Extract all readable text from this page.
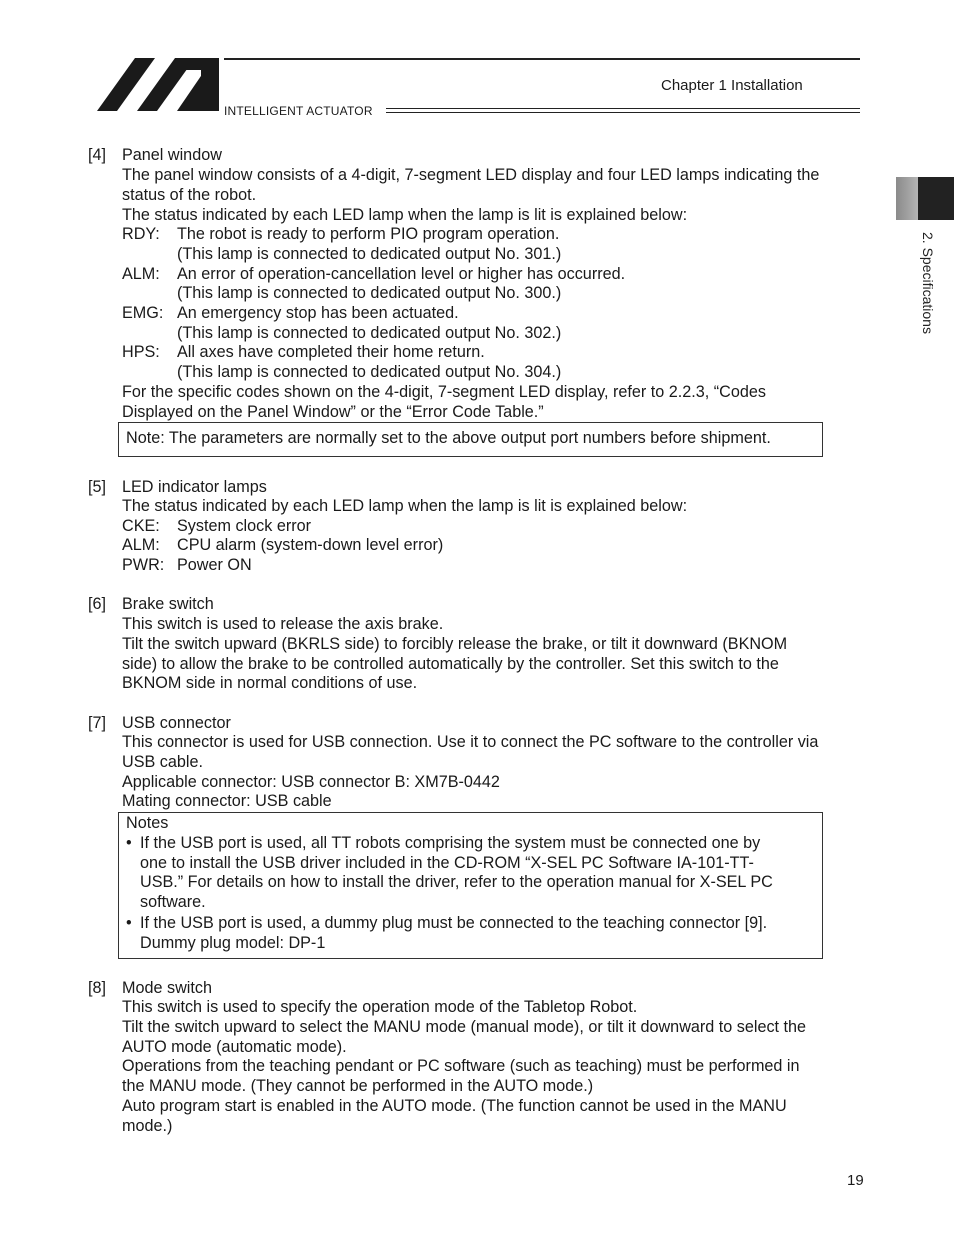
INTELLIGENT ACTUATOR
Chapter 1 Installation
2. Specifications
[4] Panel window
The panel window consists of a 4-digit, 7-segment LED display and four LED lamps indicating the
status of the robot.
The status indicated by each LED lamp when the lamp is lit is explained below:
RDY: The robot is ready to perform PIO program operation.
(This lamp is connected to dedicated output No. 301.)
ALM: An error of operation-cancellation level or higher has occurred.
(This lamp is connected to dedicated output No. 300.)
EMG: An emergency stop has been actuated.
(This lamp is connected to dedicated output No. 302.)
HPS: All axes have completed their home return.
(This lamp is connected to dedicated output No. 304.)
For the specific codes shown on the 4-digit, 7-segment LED display, refer to 2.2.3, “Codes
Displayed on the Panel Window” or the “Error Code Table.”
Note: The parameters are normally set to the above output port numbers before shipment.
[5] LED indicator lamps
The status indicated by each LED lamp when the lamp is lit is explained below:
CKE: System clock error
ALM: CPU alarm (system-down level error)
PWR: Power ON
[6] Brake switch
This switch is used to release the axis brake.
Tilt the switch upward (BKRLS side) to forcibly release the brake, or tilt it downward (BKNOM
side) to allow the brake to be controlled automatically by the controller. Set this switch to the
BKNOM side in normal conditions of use.
[7] USB connector
This connector is used for USB connection. Use it to connect the PC software to the controller via
USB cable.
Applicable connector: USB connector B: XM7B-0442
Mating connector: USB cable
Notes
• If the USB port is used, all TT robots comprising the system must be connected one by
one to install the USB driver included in the CD-ROM “X-SEL PC Software IA-101-TT-
USB.” For details on how to install the driver, refer to the operation manual for X-SEL PC
software.
• If the USB port is used, a dummy plug must be connected to the teaching connector [9].
Dummy plug model: DP-1
[8] Mode switch
This switch is used to specify the operation mode of the Tabletop Robot.
Tilt the switch upward to select the MANU mode (manual mode), or tilt it downward to select the
AUTO mode (automatic mode).
Operations from the teaching pendant or PC software (such as teaching) must be performed in
the MANU mode. (They cannot be performed in the AUTO mode.)
Auto program start is enabled in the AUTO mode. (The function cannot be used in the MANU
mode.)
19
